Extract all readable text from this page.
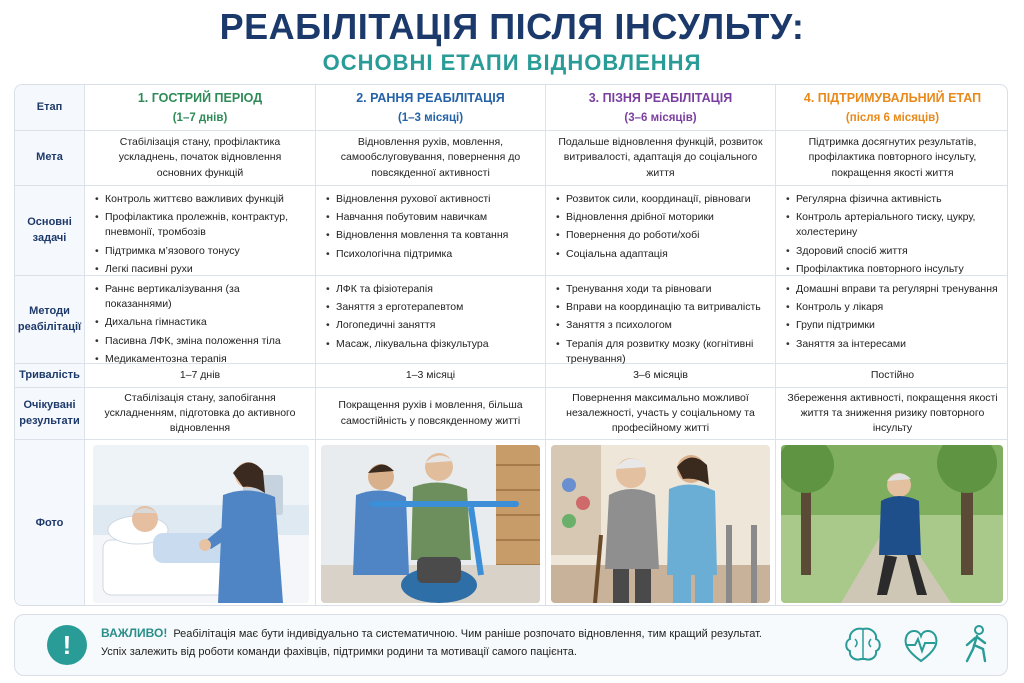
РЕАБІЛІТАЦІЯ ПІСЛЯ ІНСУЛЬТУ:
ОСНОВНІ ЕТАПИ ВІДНОВЛЕННЯ
Етап
Мета
Основні задачі
Методи реабілітації
Тривалість
Очікувані результати
Фото
1. ГОСТРИЙ ПЕРІОД
(1–7 днів)
Стабілізація стану, профілактика ускладнень, початок відновлення основних функцій
• Контроль життєво важливих функцій
• Профілактика пролежнів, контрактур, пневмонії, тромбозів
• Підтримка м’язового тонусу
• Легкі пасивні рухи
• Раннє вертикалізування (за показаннями)
• Дихальна гімнастика
• Пасивна ЛФК, зміна положення тіла
• Медикаментозна терапія
1–7 днів
Стабілізація стану, запобігання ускладненням, підготовка до активного відновлення
2. РАННЯ РЕАБІЛІТАЦІЯ
(1–3 місяці)
Відновлення рухів, мовлення, самообслуговування, повернення до повсякденної активності
• Відновлення рухової активності
• Навчання побутовим навичкам
• Відновлення мовлення та ковтання
• Психологічна підтримка
• ЛФК та фізіотерапія
• Заняття з ерготерапевтом
• Логопедичні заняття
• Масаж, лікувальна фізкультура
1–3 місяці
Покращення рухів і мовлення, більша самостійність у повсякденному житті
3. ПІЗНЯ РЕАБІЛІТАЦІЯ
(3–6 місяців)
Подальше відновлення функцій, розвиток витривалості, адаптація до соціального життя
• Розвиток сили, координації, рівноваги
• Відновлення дрібної моторики
• Повернення до роботи/хобі
• Соціальна адаптація
• Тренування ходи та рівноваги
• Вправи на координацію та витривалість
• Заняття з психологом
• Терапія для розвитку мозку (когнітивні тренування)
3–6 місяців
Повернення максимально можливої незалежності, участь у соціальному та професійному житті
4. ПІДТРИМУВАЛЬНИЙ ЕТАП
(після 6 місяців)
Підтримка досягнутих результатів, профілактика повторного інсульту, покращення якості життя
• Регулярна фізична активність
• Контроль артеріального тиску, цукру, холестерину
• Здоровий спосіб життя
• Профілактика повторного інсульту
• Домашні вправи та регулярні тренування
• Контроль у лікаря
• Групи підтримки
• Заняття за інтересами
Постійно
Збереження активності, покращення якості життя та зниження ризику повторного інсульту
!	ВАЖЛИВО! Реабілітація має бути індивідуально та систематичною. Чим раніше розпочато відновлення, тим кращий результат.
Успіх залежить від роботи команди фахівців, підтримки родини та мотивації самого пацієнта.
